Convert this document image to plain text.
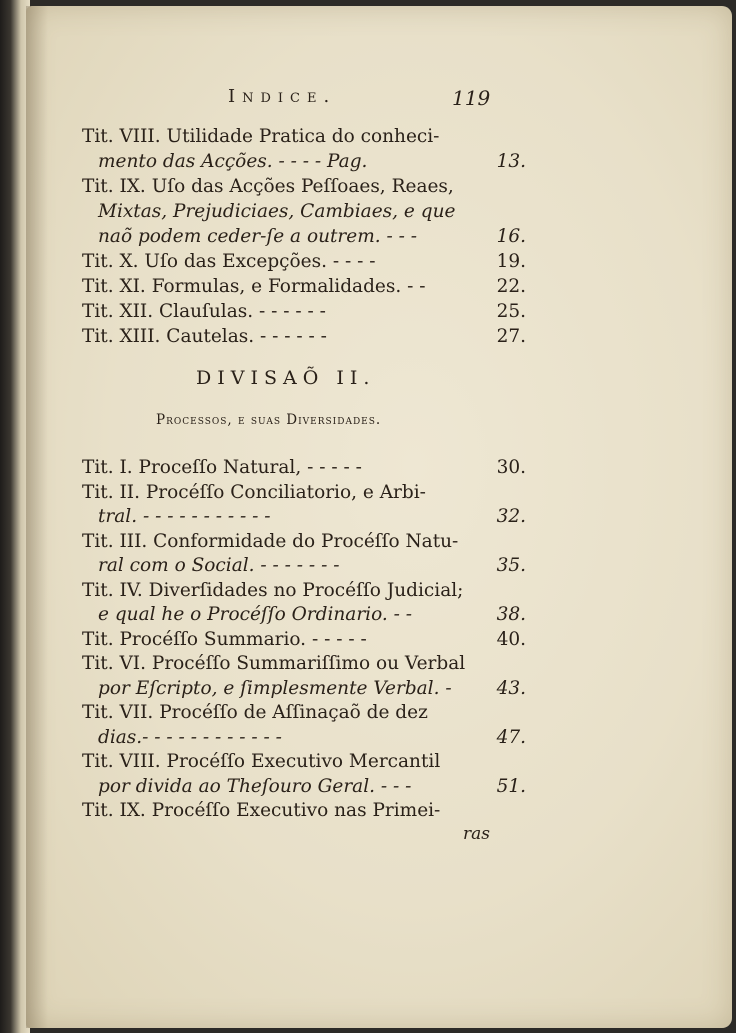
Indice.	119
Tit. VIII. Utilidade Pratica do conheci-
mento das Acções. - - - - Pag.	13.
Tit. IX. Uſo das Acções Peſſoaes, Reaes,
Mixtas, Prejudiciaes, Cambiaes, e que
naõ podem ceder-ſe a outrem. - - -	16.
Tit. X. Uſo das Excepções. - - - -	19.
Tit. XI. Formulas, e Formalidades. - -	22.
Tit. XII. Clauſulas. - - - - - -	25.
Tit. XIII. Cautelas. - - - - - -	27.
DIVISAÕ II.
Processos, e suas Diversidades.
Tit. I. Proceſſo Natural, - - - - -	30.
Tit. II. Procéſſo Conciliatorio, e Arbi-
tral. - - - - - - - - - - -	32.
Tit. III. Conformidade do Procéſſo Natu-
ral com o Social. - - - - - - -	35.
Tit. IV. Diverſidades no Procéſſo Judicial;
e qual he o Procéſſo Ordinario. - -	38.
Tit. Procéſſo Summario. - - - - -	40.
Tit. VI. Procéſſo Summariſſimo ou Verbal
por Eſcripto, e ſimplesmente Verbal. - 43.
Tit. VII. Procéſſo de Aſſinaçaõ de dez
dias.- - - - - - - - - - - -	47.
Tit. VIII. Procéſſo Executivo Mercantil
por divida ao Theſouro Geral. - - -	51.
Tit. IX. Procéſſo Executivo nas Primei-
ras
